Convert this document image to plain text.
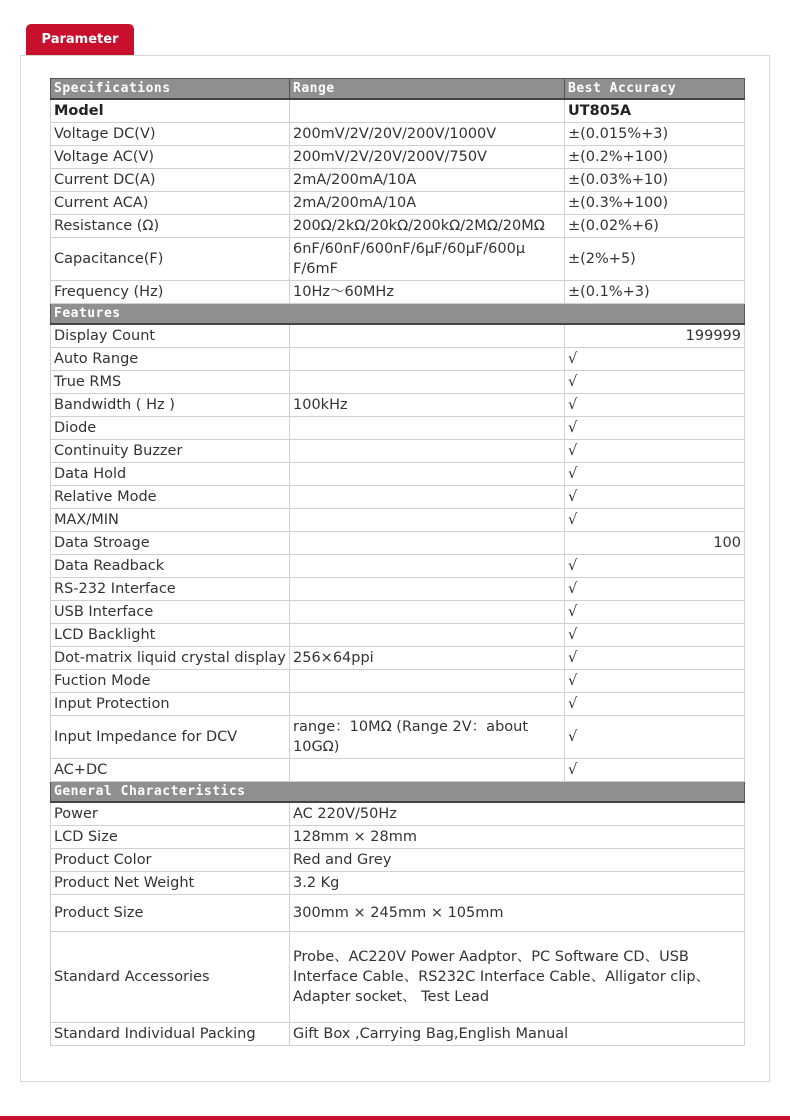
Parameter
Specifications	Range	Best Accuracy
Model		UT805A
Voltage DC(V)	200mV/2V/20V/200V/1000V	±(0.015%+3)
Voltage AC(V)	200mV/2V/20V/200V/750V	±(0.2%+100)
Current DC(A)	2mA/200mA/10A	±(0.03%+10)
Current ACA)	2mA/200mA/10A	±(0.3%+100)
Resistance (Ω)	200Ω/2kΩ/20kΩ/200kΩ/2MΩ/20MΩ	±(0.02%+6)
Capacitance(F)	6nF/60nF/600nF/6μF/60μF/600μ F/6mF	±(2%+5)
Frequency (Hz)	10Hz～60MHz	±(0.1%+3)
Features		
Display Count		199999
Auto Range		√
True RMS		√
Bandwidth ( Hz )	100kHz	√
Diode		√
Continuity Buzzer		√
Data Hold		√
Relative Mode		√
MAX/MIN		√
Data Stroage		100
Data Readback		√
RS-232 Interface		√
USB Interface		√
LCD Backlight		√
Dot-matrix liquid crystal display	256×64ppi	√
Fuction Mode		√
Input Protection		√
Input Impedance for DCV	range：10MΩ (Range 2V：about 10GΩ)	√
AC+DC		√
General Characteristics		
Power	AC 220V/50Hz	
LCD Size	128mm × 28mm	
Product Color	Red and Grey	
Product Net Weight	3.2 Kg	
Product Size	300mm × 245mm × 105mm	
Standard Accessories	Probe、AC220V Power Aadptor、PC Software CD、USB Interface Cable、RS232C Interface Cable、Alligator clip、Adapter socket、 Test Lead	
Standard Individual Packing	Gift Box ,Carrying Bag,English Manual	
